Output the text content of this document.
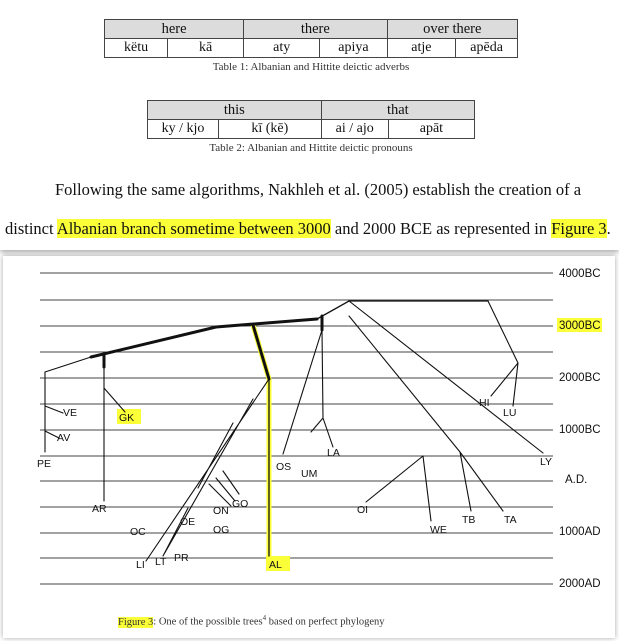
here		there		over there	
këtu	kā	aty	apiya	atje	apēda
Table 1: Albanian and Hittite deictic adverbs
this		that	
ky / kjo	kī (kē)	ai / ajo	apāt
Table 2: Albanian and Hittite deictic pronouns
Following the same algorithms, Nakhleh et al. (2005) establish the creation of a
distinct Albanian branch sometime between 3000 and 2000 BCE as represented in Figure 3.
4000BC
3000BC
2000BC
1000BC
A.D.
1000AD
2000AD
VE	GK
AV
PE
AR
OC
LI LT PR
OE
ON
GO
OG
AL
OS
UM
LA
OI
WE
TB	TA
HI
LU
LY
Figure 3: One of the possible trees$^4$ based on perfect phylogeny
